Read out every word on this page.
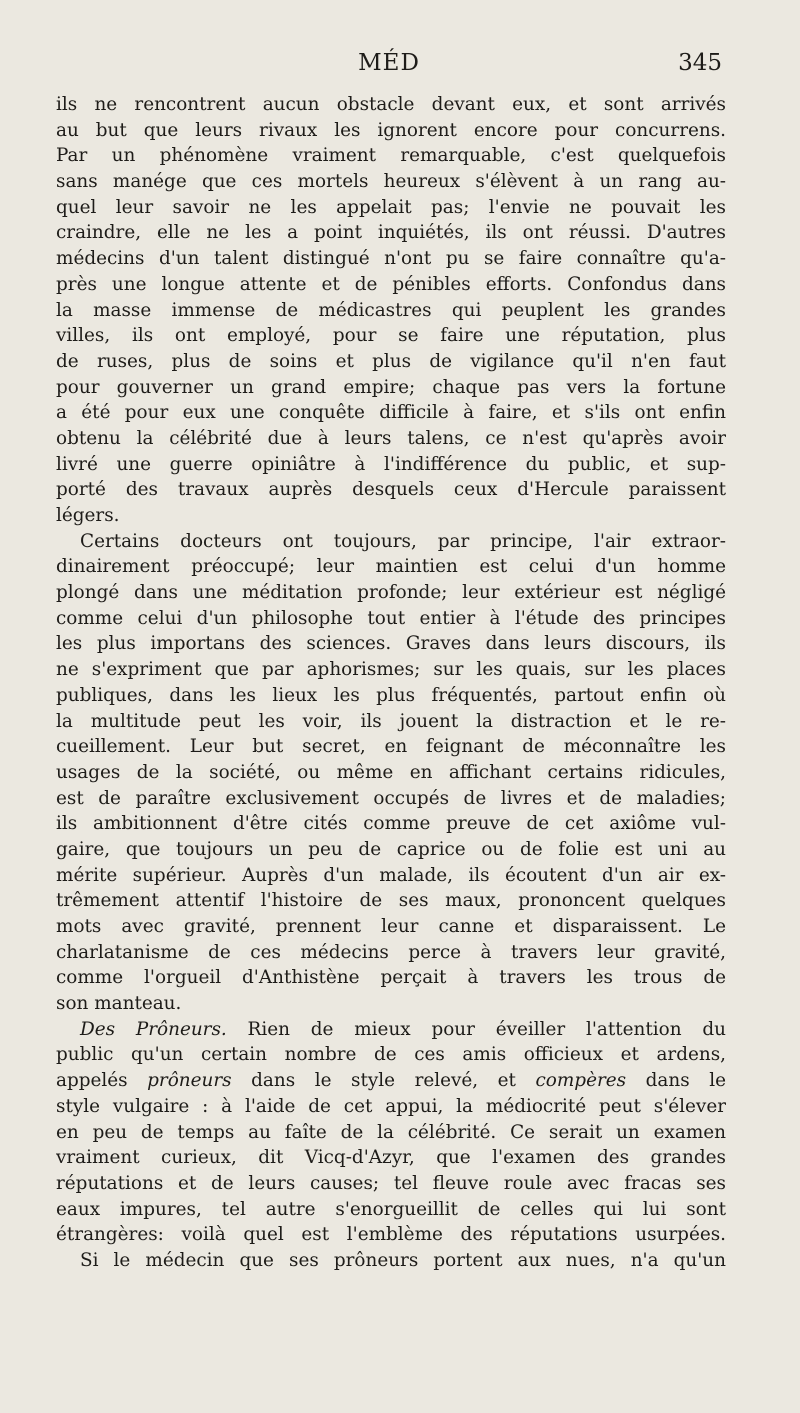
MÉD	345
ils ne rencontrent aucun obstacle devant eux, et sont arrivés
au but que leurs rivaux les ignorent encore pour concurrens.
Par un phénomène vraiment remarquable, c'est quelquefois
sans manége que ces mortels heureux s'élèvent à un rang au-
quel leur savoir ne les appelait pas; l'envie ne pouvait les
craindre, elle ne les a point inquiétés, ils ont réussi. D'autres
médecins d'un talent distingué n'ont pu se faire connaître qu'a-
près une longue attente et de pénibles efforts. Confondus dans
la masse immense de médicastres qui peuplent les grandes
villes, ils ont employé, pour se faire une réputation, plus
de ruses, plus de soins et plus de vigilance qu'il n'en faut
pour gouverner un grand empire; chaque pas vers la fortune
a été pour eux une conquête difficile à faire, et s'ils ont enfin
obtenu la célébrité due à leurs talens, ce n'est qu'après avoir
livré une guerre opiniâtre à l'indifférence du public, et sup-
porté des travaux auprès desquels ceux d'Hercule paraissent
légers.
Certains docteurs ont toujours, par principe, l'air extraor-
dinairement préoccupé; leur maintien est celui d'un homme
plongé dans une méditation profonde; leur extérieur est négligé
comme celui d'un philosophe tout entier à l'étude des principes
les plus importans des sciences. Graves dans leurs discours, ils
ne s'expriment que par aphorismes; sur les quais, sur les places
publiques, dans les lieux les plus fréquentés, partout enfin où
la multitude peut les voir, ils jouent la distraction et le re-
cueillement. Leur but secret, en feignant de méconnaître les
usages de la société, ou même en affichant certains ridicules,
est de paraître exclusivement occupés de livres et de maladies;
ils ambitionnent d'être cités comme preuve de cet axiôme vul-
gaire, que toujours un peu de caprice ou de folie est uni au
mérite supérieur. Auprès d'un malade, ils écoutent d'un air ex-
trêmement attentif l'histoire de ses maux, prononcent quelques
mots avec gravité, prennent leur canne et disparaissent. Le
charlatanisme de ces médecins perce à travers leur gravité,
comme l'orgueil d'Anthistène perçait à travers les trous de
son manteau.
Des Prôneurs. Rien de mieux pour éveiller l'attention du
public qu'un certain nombre de ces amis officieux et ardens,
appelés prôneurs dans le style relevé, et compères dans le
style vulgaire : à l'aide de cet appui, la médiocrité peut s'élever
en peu de temps au faîte de la célébrité. Ce serait un examen
vraiment curieux, dit Vicq-d'Azyr, que l'examen des grandes
réputations et de leurs causes; tel fleuve roule avec fracas ses
eaux impures, tel autre s'enorgueillit de celles qui lui sont
étrangères: voilà quel est l'emblème des réputations usurpées.
Si le médecin que ses prôneurs portent aux nues, n'a qu'un
